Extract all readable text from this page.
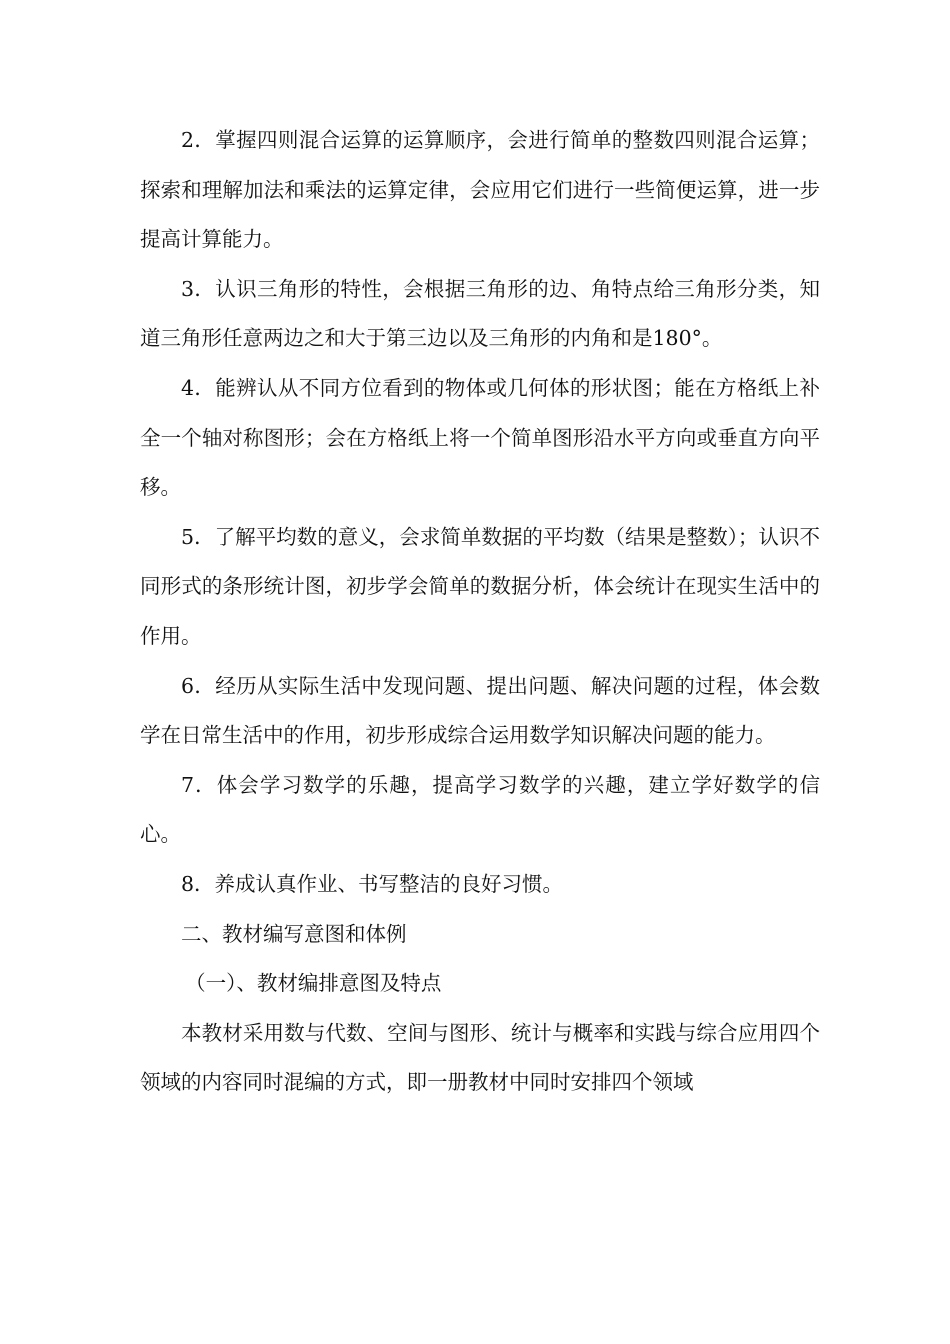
2．掌握四则混合运算的运算顺序，会进行简单的整数四则混合运算；探索和理解加法和乘法的运算定律，会应用它们进行一些简便运算，进一步提高计算能力。

3．认识三角形的特性，会根据三角形的边、角特点给三角形分类，知道三角形任意两边之和大于第三边以及三角形的内角和是180°。

4．能辨认从不同方位看到的物体或几何体的形状图；能在方格纸上补全一个轴对称图形；会在方格纸上将一个简单图形沿水平方向或垂直方向平移。

5．了解平均数的意义，会求简单数据的平均数（结果是整数）；认识不同形式的条形统计图，初步学会简单的数据分析，体会统计在现实生活中的作用。

6．经历从实际生活中发现问题、提出问题、解决问题的过程，体会数学在日常生活中的作用，初步形成综合运用数学知识解决问题的能力。

7．体会学习数学的乐趣，提高学习数学的兴趣，建立学好数学的信心。

8．养成认真作业、书写整洁的良好习惯。

二、教材编写意图和体例

（一）、教材编排意图及特点

本教材采用数与代数、空间与图形、统计与概率和实践与综合应用四个领域的内容同时混编的方式，即一册教材中同时安排四个领域
